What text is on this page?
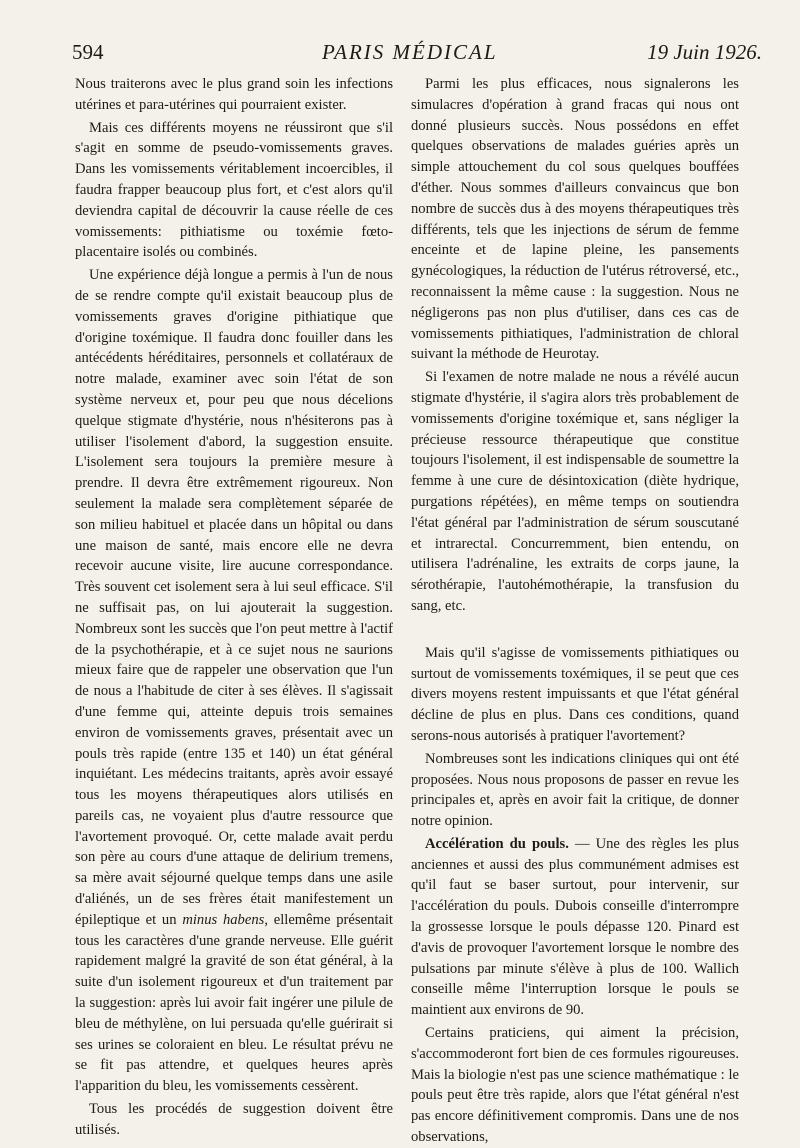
594	PARIS MÉDICAL	19 Juin 1926.

Nous traiterons avec le plus grand soin les infections utérines et para-utérines qui pourraient exister.

Mais ces différents moyens ne réussiront que s'il s'agit en somme de pseudo-vomissements graves. Dans les vomissements véritablement incoercibles, il faudra frapper beaucoup plus fort, et c'est alors qu'il deviendra capital de découvrir la cause réelle de ces vomissements: pithiatisme ou toxémie fœto-placentaire isolés ou combinés.

Une expérience déjà longue a permis à l'un de nous de se rendre compte qu'il existait beaucoup plus de vomissements graves d'origine pithiatique que d'origine toxémique. Il faudra donc fouiller dans les antécédents héréditaires, personnels et collatéraux de notre malade, examiner avec soin l'état de son système nerveux et, pour peu que nous décelions quelque stigmate d'hystérie, nous n'hésiterons pas à utiliser l'isolement d'abord, la suggestion ensuite. L'isolement sera toujours la première mesure à prendre. Il devra être extrêmement rigoureux. Non seulement la malade sera complètement séparée de son milieu habituel et placée dans un hôpital ou dans une maison de santé, mais encore elle ne devra recevoir aucune visite, lire aucune correspondance. Très souvent cet isolement sera à lui seul efficace. S'il ne suffisait pas, on lui ajouterait la suggestion. Nombreux sont les succès que l'on peut mettre à l'actif de la psychothérapie, et à ce sujet nous ne saurions mieux faire que de rappeler une observation que l'un de nous a l'habitude de citer à ses élèves. Il s'agissait d'une femme qui, atteinte depuis trois semaines environ de vomissements graves, présentait avec un pouls très rapide (entre 135 et 140) un état général inquiétant. Les médecins traitants, après avoir essayé tous les moyens thérapeutiques alors utilisés en pareils cas, ne voyaient plus d'autre ressource que l'avortement provoqué. Or, cette malade avait perdu son père au cours d'une attaque de delirium tremens, sa mère avait séjourné quelque temps dans une asile d'aliénés, un de ses frères était manifestement un épileptique et un minus habens, ellemême présentait tous les caractères d'une grande nerveuse. Elle guérit rapidement malgré la gravité de son état général, à la suite d'un isolement rigoureux et d'un traitement par la suggestion: après lui avoir fait ingérer une pilule de bleu de méthylène, on lui persuada qu'elle guérirait si ses urines se coloraient en bleu. Le résultat prévu ne se fit pas attendre, et quelques heures après l'apparition du bleu, les vomissements cessèrent.

Tous les procédés de suggestion doivent être utilisés.

Parmi les plus efficaces, nous signalerons les simulacres d'opération à grand fracas qui nous ont donné plusieurs succès. Nous possédons en effet quelques observations de malades guéries après un simple attouchement du col sous quelques bouffées d'éther. Nous sommes d'ailleurs convaincus que bon nombre de succès dus à des moyens thérapeutiques très différents, tels que les injections de sérum de femme enceinte et de lapine pleine, les pansements gynécologiques, la réduction de l'utérus rétroversé, etc., reconnaissent la même cause : la suggestion. Nous ne négligerons pas non plus d'utiliser, dans ces cas de vomissements pithiatiques, l'administration de chloral suivant la méthode de Heurotay.

Si l'examen de notre malade ne nous a révélé aucun stigmate d'hystérie, il s'agira alors très probablement de vomissements d'origine toxémique et, sans négliger la précieuse ressource thérapeutique que constitue toujours l'isolement, il est indispensable de soumettre la femme à une cure de désintoxication (diète hydrique, purgations répétées), en même temps on soutiendra l'état général par l'administration de sérum souscutané et intrarectal. Concurremment, bien entendu, on utilisera l'adrénaline, les extraits de corps jaune, la sérothérapie, l'autohémothérapie, la transfusion du sang, etc.

Mais qu'il s'agisse de vomissements pithiatiques ou surtout de vomissements toxémiques, il se peut que ces divers moyens restent impuissants et que l'état général décline de plus en plus. Dans ces conditions, quand serons-nous autorisés à pratiquer l'avortement?

Nombreuses sont les indications cliniques qui ont été proposées. Nous nous proposons de passer en revue les principales et, après en avoir fait la critique, de donner notre opinion.

Accélération du pouls. — Une des règles les plus anciennes et aussi des plus communément admises est qu'il faut se baser surtout, pour intervenir, sur l'accélération du pouls. Dubois conseille d'interrompre la grossesse lorsque le pouls dépasse 120. Pinard est d'avis de provoquer l'avortement lorsque le nombre des pulsations par minute s'élève à plus de 100. Wallich conseille même l'interruption lorsque le pouls se maintient aux environs de 90.

Certains praticiens, qui aiment la précision, s'accommoderont fort bien de ces formules rigoureuses. Mais la biologie n'est pas une science mathématique : le pouls peut être très rapide, alors que l'état général n'est pas encore définitivement compromis. Dans une de nos observations,
